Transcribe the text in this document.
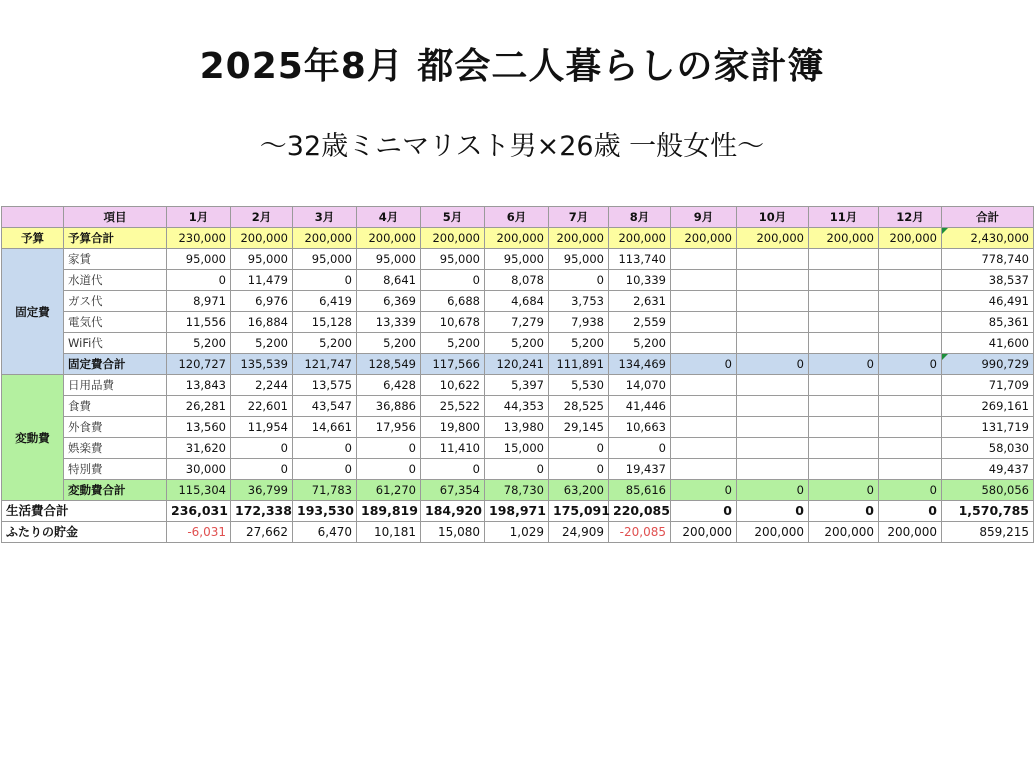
2025年8月 都会二人暮らしの家計簿
〜32歳ミニマリスト男×26歳 一般女性〜
	項目	1月	2月	3月	4月	5月	6月	7月	8月	9月	10月	11月	12月	合計
予算	予算合計	230,000	200,000	200,000	200,000	200,000	200,000	200,000	200,000	200,000	200,000	200,000	200,000	2,430,000

固定費	家賃	95,000	95,000	95,000	95,000	95,000	95,000	95,000	113,740					778,740
	水道代	0	11,479	0	8,641	0	8,078	0	10,339					38,537
	ガス代	8,971	6,976	6,419	6,369	6,688	4,684	3,753	2,631					46,491
	電気代	11,556	16,884	15,128	13,339	10,678	7,279	7,938	2,559					85,361
	WiFi代	5,200	5,200	5,200	5,200	5,200	5,200	5,200	5,200					41,600
	固定費合計	120,727	135,539	121,747	128,549	117,566	120,241	111,891	134,469	0	0	0	0	990,729

変動費	日用品費	13,843	2,244	13,575	6,428	10,622	5,397	5,530	14,070					71,709
	食費	26,281	22,601	43,547	36,886	25,522	44,353	28,525	41,446					269,161
	外食費	13,560	11,954	14,661	17,956	19,800	13,980	29,145	10,663					131,719
	娯楽費	31,620	0	0	0	11,410	15,000	0	0					58,030
	特別費	30,000	0	0	0	0	0	0	19,437					49,437
	変動費合計	115,304	36,799	71,783	61,270	67,354	78,730	63,200	85,616	0	0	0	0	580,056
生活費合計		236,031	172,338	193,530	189,819	184,920	198,971	175,091	220,085	0	0	0	0	1,570,785
ふたりの貯金		-6,031	27,662	6,470	10,181	15,080	1,029	24,909	-20,085	200,000	200,000	200,000	200,000	859,215
